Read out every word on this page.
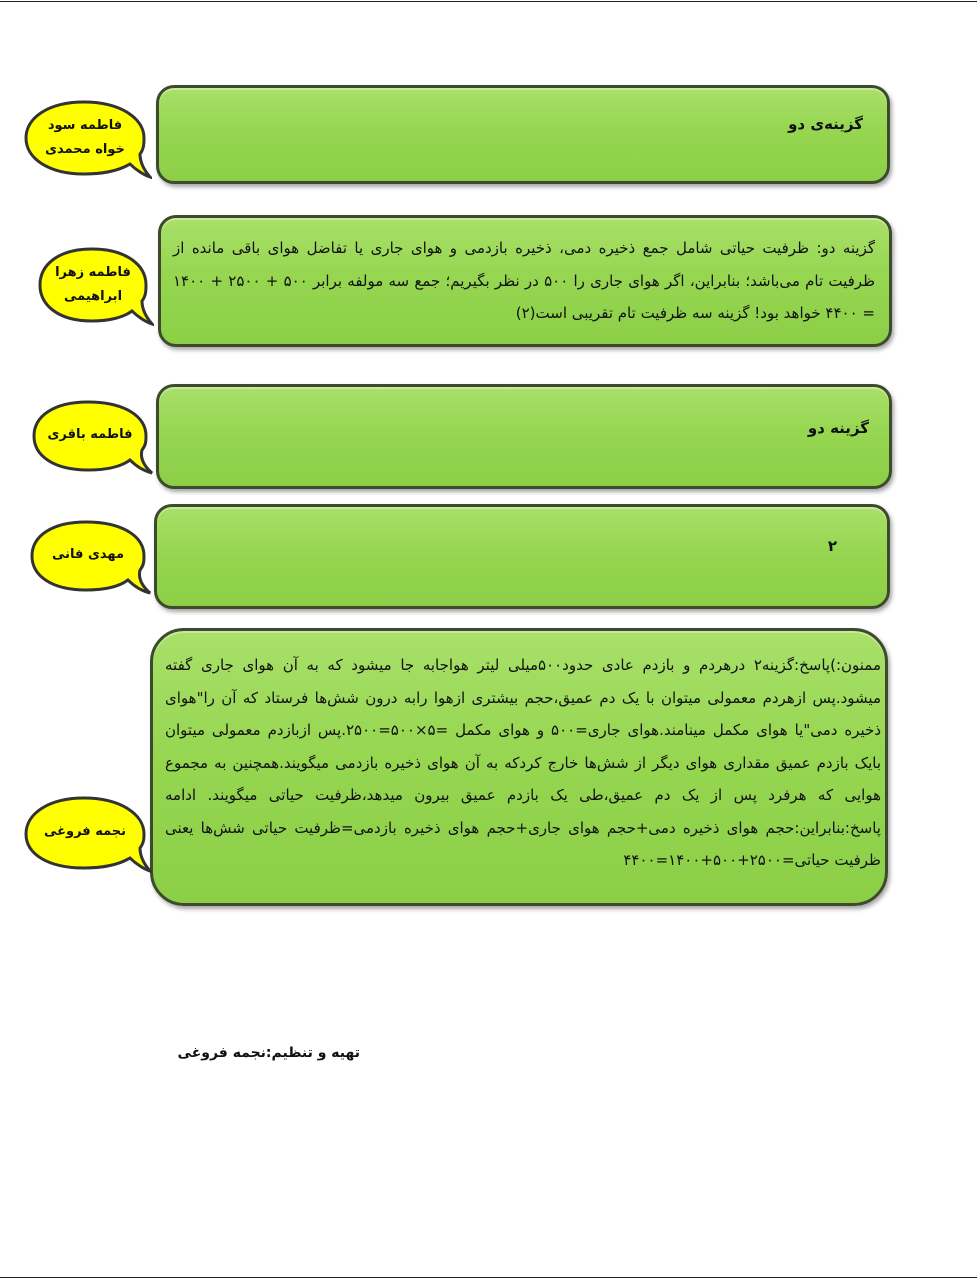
گزینه‌ی دو
فاطمه سود خواه محمدی
گزینه دو: ظرفیت حیاتی شامل جمع ذخیره دمی، ذخیره بازدمی و هوای جاری یا تفاضل هوای باقی مانده از ظرفیت تام می‌باشد؛ بنابراین، اگر هوای جاری را ۵۰۰ در نظر بگیریم؛ جمع سه مولفه برابر ۵۰۰ + ۲۵۰۰ + ۱۴۰۰ = ۴۴۰۰ خواهد بود! گزینه سه ظرفیت تام تقریبی است(۲)
فاطمه زهرا ابراهیمی
گزینه دو
فاطمه باقری
۲
مهدی فانی
ممنون:)پاسخ:گزینه۲ درهردم و بازدم عادی حدود۵۰۰میلی لیتر هواجابه جا میشود که به آن هوای جاری گفته میشود.پس ازهردم معمولی میتوان با یک دم عمیق،حجم بیشتری ازهوا رابه درون شش‌ها فرستاد که آن را"هوای ذخیره دمی"یا هوای مکمل مینامند.هوای جاری=۵۰۰ و هوای مکمل =۵×۵۰۰=۲۵۰۰.پس ازبازدم معمولی میتوان بایک بازدم عمیق مقداری هوای دیگر از شش‌ها خارج کردکه به آن هوای ذخیره بازدمی میگویند.همچنین به مجموع هوایی که هرفرد پس از یک دم عمیق،طی یک بازدم عمیق بیرون میدهد،ظرفیت حیاتی میگویند. ادامه پاسخ:بنابراین:حجم هوای ذخیره دمی+حجم هوای جاری+حجم هوای ذخیره بازدمی=ظرفیت حیاتی شش‌ها یعنی ظرفیت حیاتی=۲۵۰۰+۵۰۰+۱۴۰۰=۴۴۰۰
نجمه فروغی
تهیه و تنظیم:نجمه فروغی
